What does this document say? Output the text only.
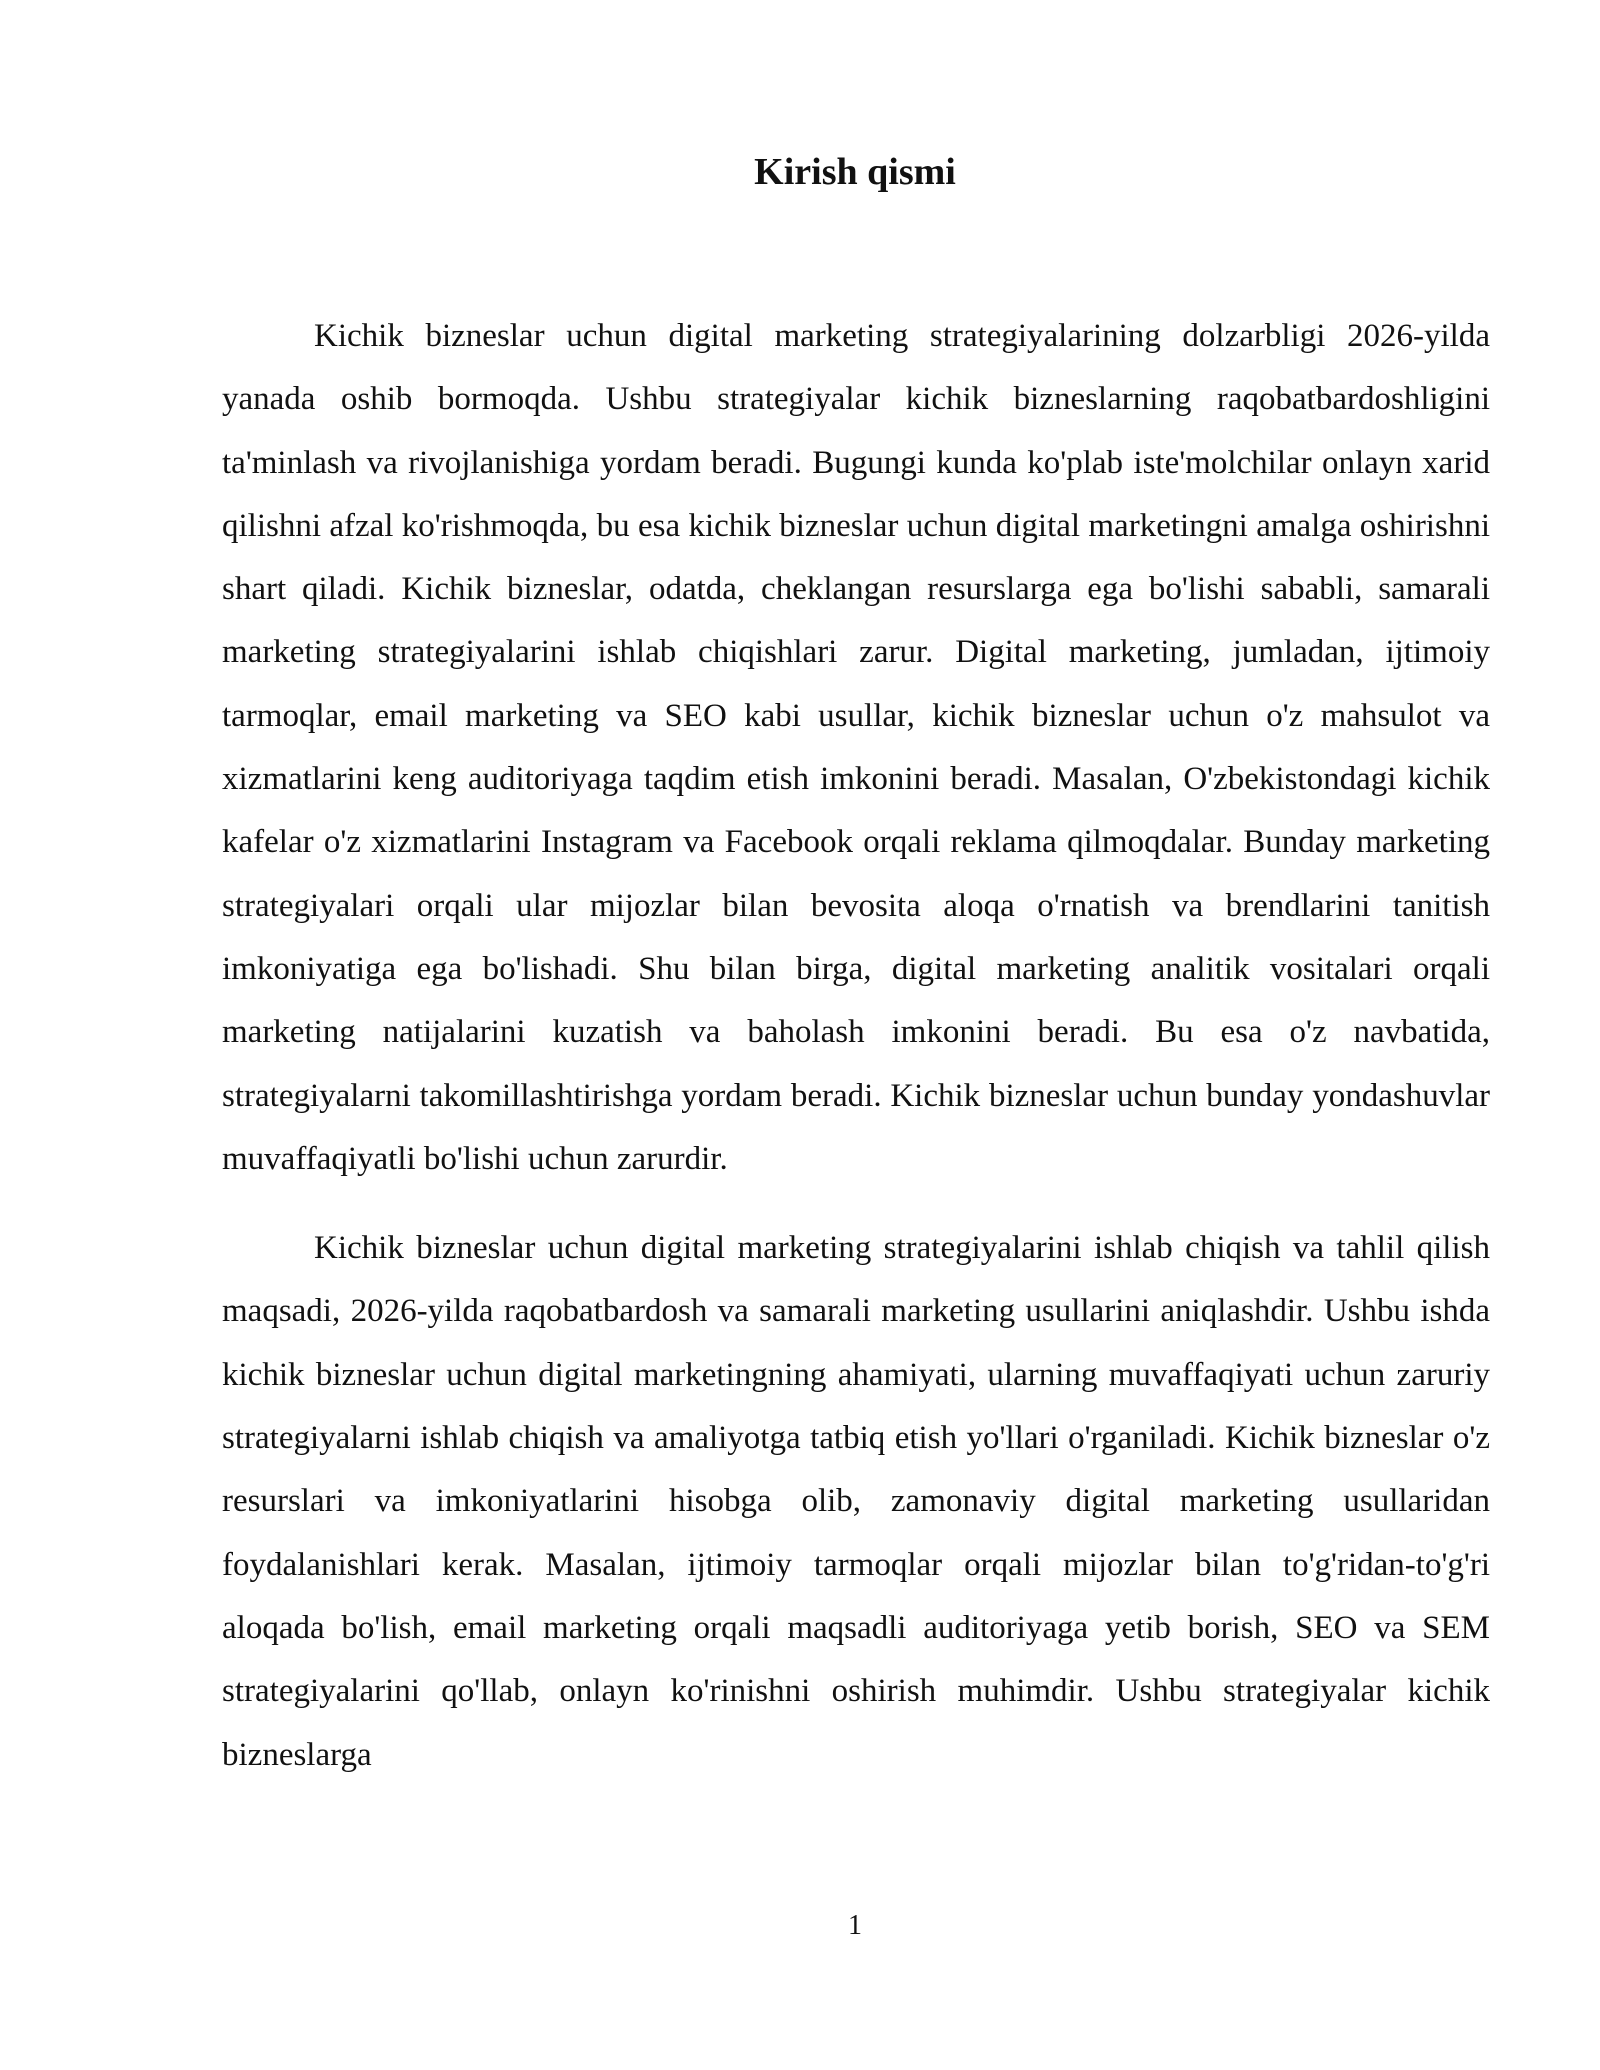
Kirish qismi

Kichik bizneslar uchun digital marketing strategiyalarining dolzarbligi 2026-yilda yanada oshib bormoqda. Ushbu strategiyalar kichik bizneslarning raqobatbardoshligini ta'minlash va rivojlanishiga yordam beradi. Bugungi kunda ko'plab iste'molchilar onlayn xarid qilishni afzal ko'rishmoqda, bu esa kichik bizneslar uchun digital marketingni amalga oshirishni shart qiladi. Kichik bizneslar, odatda, cheklangan resurslarga ega bo'lishi sababli, samarali marketing strategiyalarini ishlab chiqishlari zarur. Digital marketing, jumladan, ijtimoiy tarmoqlar, email marketing va SEO kabi usullar, kichik bizneslar uchun o'z mahsulot va xizmatlarini keng auditoriyaga taqdim etish imkonini beradi. Masalan, O'zbekistondagi kichik kafelar o'z xizmatlarini Instagram va Facebook orqali reklama qilmoqdalar. Bunday marketing strategiyalari orqali ular mijozlar bilan bevosita aloqa o'rnatish va brendlarini tanitish imkoniyatiga ega bo'lishadi. Shu bilan birga, digital marketing analitik vositalari orqali marketing natijalarini kuzatish va baholash imkonini beradi. Bu esa o'z navbatida, strategiyalarni takomillashtirishga yordam beradi. Kichik bizneslar uchun bunday yondashuvlar muvaffaqiyatli bo'lishi uchun zarurdir.

Kichik bizneslar uchun digital marketing strategiyalarini ishlab chiqish va tahlil qilish maqsadi, 2026-yilda raqobatbardosh va samarali marketing usullarini aniqlashdir. Ushbu ishda kichik bizneslar uchun digital marketingning ahamiyati, ularning muvaffaqiyati uchun zaruriy strategiyalarni ishlab chiqish va amaliyotga tatbiq etish yo'llari o'rganiladi. Kichik bizneslar o'z resurslari va imkoniyatlarini hisobga olib, zamonaviy digital marketing usullaridan foydalanishlari kerak. Masalan, ijtimoiy tarmoqlar orqali mijozlar bilan to'g'ridan-to'g'ri aloqada bo'lish, email marketing orqali maqsadli auditoriyaga yetib borish, SEO va SEM strategiyalarini qo'llab, onlayn ko'rinishni oshirish muhimdir. Ushbu strategiyalar kichik bizneslarga

1
